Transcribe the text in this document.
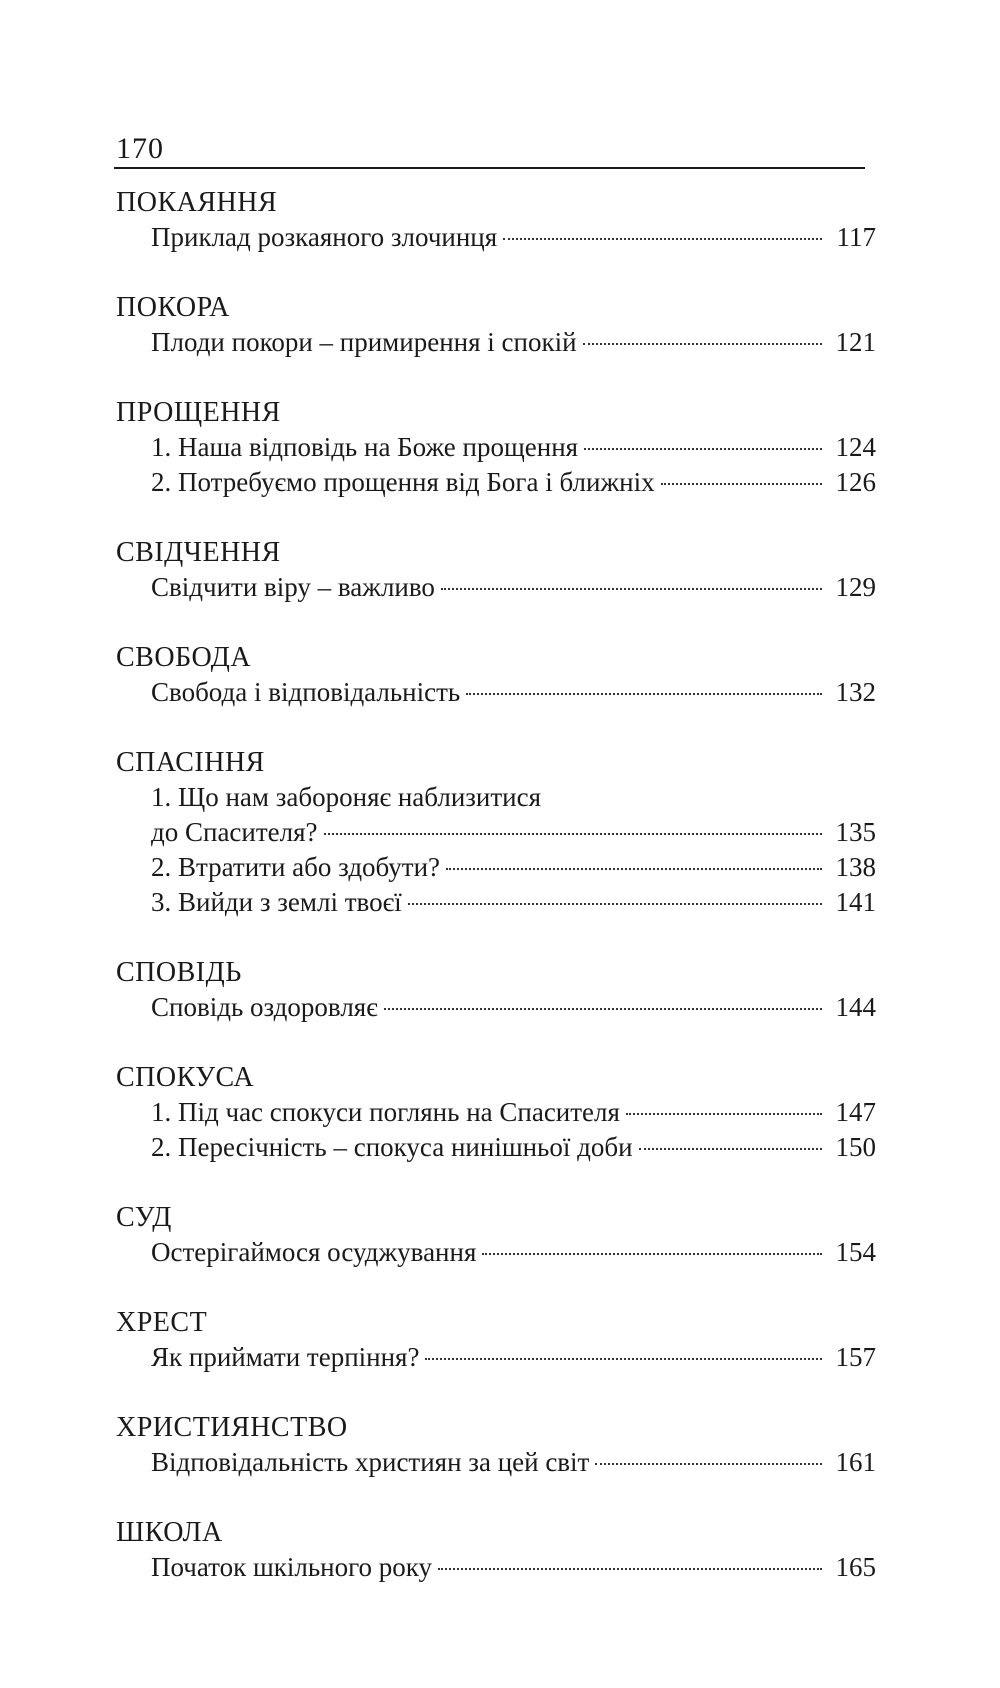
170
ПОКАЯННЯ
Приклад розкаяного злочинця	117
ПОКОРА
Плоди покори – примирення і спокій	121
ПРОЩЕННЯ
1. Наша відповідь на Боже прощення	124
2. Потребуємо прощення від Бога і ближніх	126
СВІДЧЕННЯ
Свідчити віру – важливо	129
СВОБОДА
Свобода і відповідальність	132
СПАСІННЯ
1. Що нам забороняє наблизитися
до Спасителя?	135
2. Втратити або здобути?	138
3. Вийди з землі твоєї	141
СПОВІДЬ
Сповідь оздоровляє	144
СПОКУСА
1. Під час спокуси поглянь на Спасителя	147
2. Пересічність – спокуса нинішньої доби	150
СУД
Остерігаймося осуджування	154
ХРЕСТ
Як приймати терпіння?	157
ХРИСТИЯНСТВО
Відповідальність християн за цей світ	161
ШКОЛА
Початок шкільного року	165
